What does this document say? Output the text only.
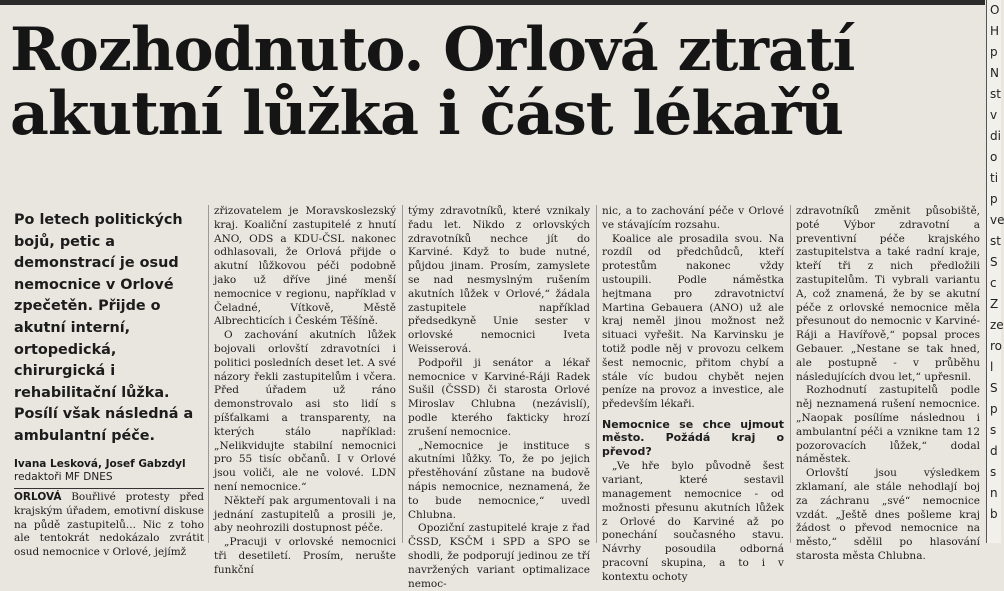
Rozhodnuto. Orlová ztratí
akutní lůžka i část lékařů
Po letech politických bojů, petic a demonstrací je osud nemocnice v Orlové zpečetěn. Přijde o akutní interní, ortopedická, chirurgická i rehabilitační lůžka. Posílí však následná a ambulantní péče.
Ivana Lesková, Josef Gabzdyl
redaktoři MF DNES
ORLOVÁ Bouřlivé protesty před krajským úřadem, emotivní diskuse na půdě zastupitelů... Nic z toho ale tentokrát nedokázalo zvrátit osud nemocnice v Orlové, jejímž

zřizovatelem je Moravskoslezský kraj. Koaliční zastupitelé z hnutí ANO, ODS a KDU-ČSL nakonec odhlasovali, že Orlová přijde o akutní lůžkovou péči podobně jako už dříve jiné menší nemocnice v regionu, například v Čeladné, Vítkově, Městě Albrechticích i Českém Těšíně.

O zachování akutních lůžek bojovali orlovští zdravotníci i politici posledních deset let. A své názory řekli zastupitelům i včera. Před úřadem už ráno demonstrovalo asi sto lidí s píšťalkami a transparenty, na kterých stálo například: „Nelikvidujte stabilní nemocnici pro 55 tisíc občanů. I v Orlové jsou voliči, ale ne volové. LDN není nemocnice.“

Někteří pak argumentovali i na jednání zastupitelů a prosili je, aby neohrozili dostupnost péče.

„Pracuji v orlovské nemocnici tři desetiletí. Prosím, nerušte funkční

týmy zdravotníků, které vznikaly řadu let. Nikdo z orlovských zdravotníků nechce jít do Karviné. Když to bude nutné, půjdou jinam. Prosím, zamyslete se nad nesmyslným rušením akutních lůžek v Orlové,“ žádala zastupitele například předsedkyně Unie sester v orlovské nemocnici Iveta Weisserová.

Podpořil ji senátor a lékař nemocnice v Karviné-Ráji Radek Sušil (ČSSD) či starosta Orlové Miroslav Chlubna (nezávislí), podle kterého fakticky hrozí zrušení nemocnice.

„Nemocnice je instituce s akutními lůžky. To, že po jejich přestěhování zůstane na budově nápis nemocnice, neznamená, že to bude nemocnice,“ uvedl Chlubna.

Opoziční zastupitelé kraje z řad ČSSD, KSČM i SPD a SPO se shodli, že podporují jedinou ze tří navržených variant optimalizace nemoc-

nic, a to zachování péče v Orlové ve stávajícím rozsahu.

Koalice ale prosadila svou. Na rozdíl od předchůdců, kteří protestům nakonec vždy ustoupili. Podle náměstka hejtmana pro zdravotnictví Martina Gebauera (ANO) už ale kraj neměl jinou možnost než situaci vyřešit. Na Karvinsku je totiž podle něj v provozu celkem šest nemocnic, přitom chybí a stále víc budou chybět nejen peníze na provoz a investice, ale především lékaři.

Nemocnice se chce ujmout město. Požádá kraj o převod?

„Ve hře bylo původně šest variant, které sestavil management nemocnice - od možnosti přesunu akutních lůžek z Orlové do Karviné až po ponechání současného stavu. Návrhy posoudila odborná pracovní skupina, a to i v kontextu ochoty

zdravotníků změnit působiště, poté Výbor zdravotní a preventivní péče krajského zastupitelstva a také radní kraje, kteří tři z nich předložili zastupitelům. Ti vybrali variantu A, což znamená, že by se akutní péče z orlovské nemocnice měla přesunout do nemocnic v Karviné-Ráji a Havířově,“ popsal proces Gebauer. „Nestane se tak hned, ale postupně - v průběhu následujících dvou let,“ upřesnil.

Rozhodnutí zastupitelů podle něj neznamená rušení nemocnice. „Naopak posílíme následnou i ambulantní péči a vznikne tam 12 pozorovacích lůžek,“ dodal náměstek.

Orlovští jsou výsledkem zklamaní, ale stále nehodlají boj za záchranu „své“ nemocnice vzdát. „Ještě dnes pošleme kraj žádost o převod nemocnice na město,“ sdělil po hlasování starosta města Chlubna.

O
H
p
N
st
v
di
o
ti
p
ve
st
S
c
Z
ze
ro
l
S
p
s
d
s
n
b
